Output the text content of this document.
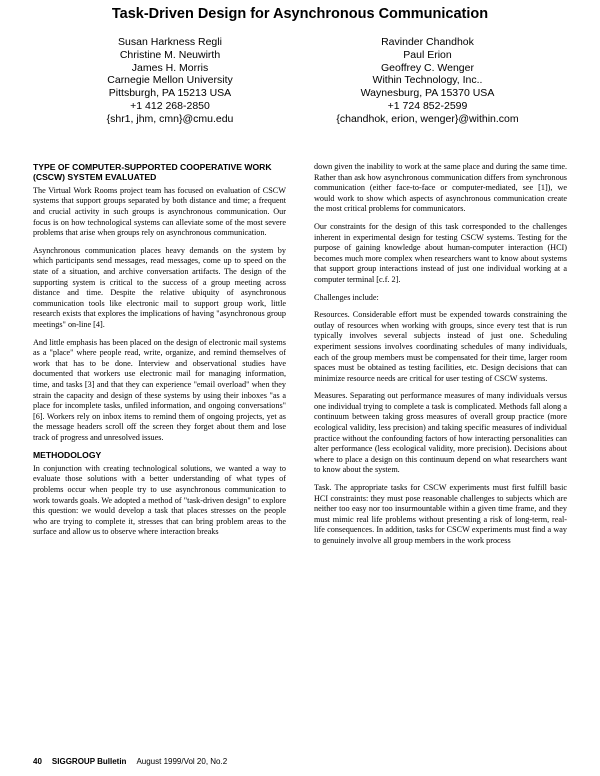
Task-Driven Design for Asynchronous Communication
Susan Harkness Regli
Christine M. Neuwirth
James H. Morris
Carnegie Mellon University
Pittsburgh, PA 15213 USA
+1 412 268-2850
{shr1, jhm, cmn}@cmu.edu
Ravinder Chandhok
Paul Erion
Geoffrey C. Wenger
Within Technology, Inc..
Waynesburg, PA 15370 USA
+1 724 852-2599
{chandhok, erion, wenger}@within.com
TYPE OF COMPUTER-SUPPORTED COOPERATIVE WORK (CSCW) SYSTEM EVALUATED

The Virtual Work Rooms project team has focused on evaluation of CSCW systems that support groups separated by both distance and time; a frequent and crucial activity in such groups is asynchronous communication. Our focus is on how technological systems can alleviate some of the most severe problems that arise when groups rely on asynchronous communication.

Asynchronous communication places heavy demands on the system by which participants send messages, read messages, come up to speed on the state of a situation, and archive conversation artifacts. The design of the supporting system is critical to the success of a group meeting across distance and time. Despite the relative ubiquity of asynchronous communication tools like electronic mail to support group work, little research exists that explores the implications of having "asynchronous group meetings" on-line [4].

And little emphasis has been placed on the design of electronic mail systems as a "place" where people read, write, organize, and remind themselves of work that has to be done. Interview and observational studies have documented that workers use electronic mail for managing information, time, and tasks [3] and that they can experience "email overload" when they strain the capacity and design of these systems by using their inboxes "as a place for incomplete tasks, unfiled information, and ongoing conversations" [6]. Workers rely on inbox items to remind them of ongoing projects, yet as the message headers scroll off the screen they forget about them and lose track of progress and unresolved issues.

METHODOLOGY

In conjunction with creating technological solutions, we wanted a way to evaluate those solutions with a better understanding of what types of problems occur when people try to use asynchronous communication to work towards goals. We adopted a method of "task-driven design" to explore this question: we would develop a task that places stresses on the people who are trying to complete it, stresses that can bring problem areas to the surface and allow us to observe where interaction breaks

down given the inability to work at the same place and during the same time. Rather than ask how asynchronous communication differs from synchronous communication (either face-to-face or computer-mediated, see [1]), we would work to show which aspects of asynchronous communication create the most critical problems for communicators.

Our constraints for the design of this task corresponded to the challenges inherent in experimental design for testing CSCW systems. Testing for the purpose of gaining knowledge about human-computer interaction (HCI) becomes much more complex when researchers want to know about systems that support group interactions instead of just one individual working at a computer terminal [c.f. 2].

Challenges include:

Resources. Considerable effort must be expended towards constraining the outlay of resources when working with groups, since every test that is run typically involves several subjects instead of just one. Scheduling experiment sessions involves coordinating schedules of many individuals, each of the group members must be compensated for their time, larger room spaces must be obtained as testing facilities, etc. Design decisions that can minimize resource needs are critical for user testing of CSCW systems.

Measures. Separating out performance measures of many individuals versus one individual trying to complete a task is complicated. Methods fall along a continuum between taking gross measures of overall group practice (more ecological validity, less precision) and taking specific measures of individual practice without the confounding factors of how interacting personalities can alter performance (less ecological validity, more precision). Decisions about where to place a design on this continuum depend on what researchers want to know about the system.

Task. The appropriate tasks for CSCW experiments must first fulfill basic HCI constraints: they must pose reasonable challenges to subjects which are neither too easy nor too insurmountable within a given time frame, and they must mimic real life problems without presenting a risk of long-term, real-life consequences. In addition, tasks for CSCW experiments must find a way to genuinely involve all group members in the work process

40 SIGGROUP Bulletin August 1999/Vol 20, No.2
